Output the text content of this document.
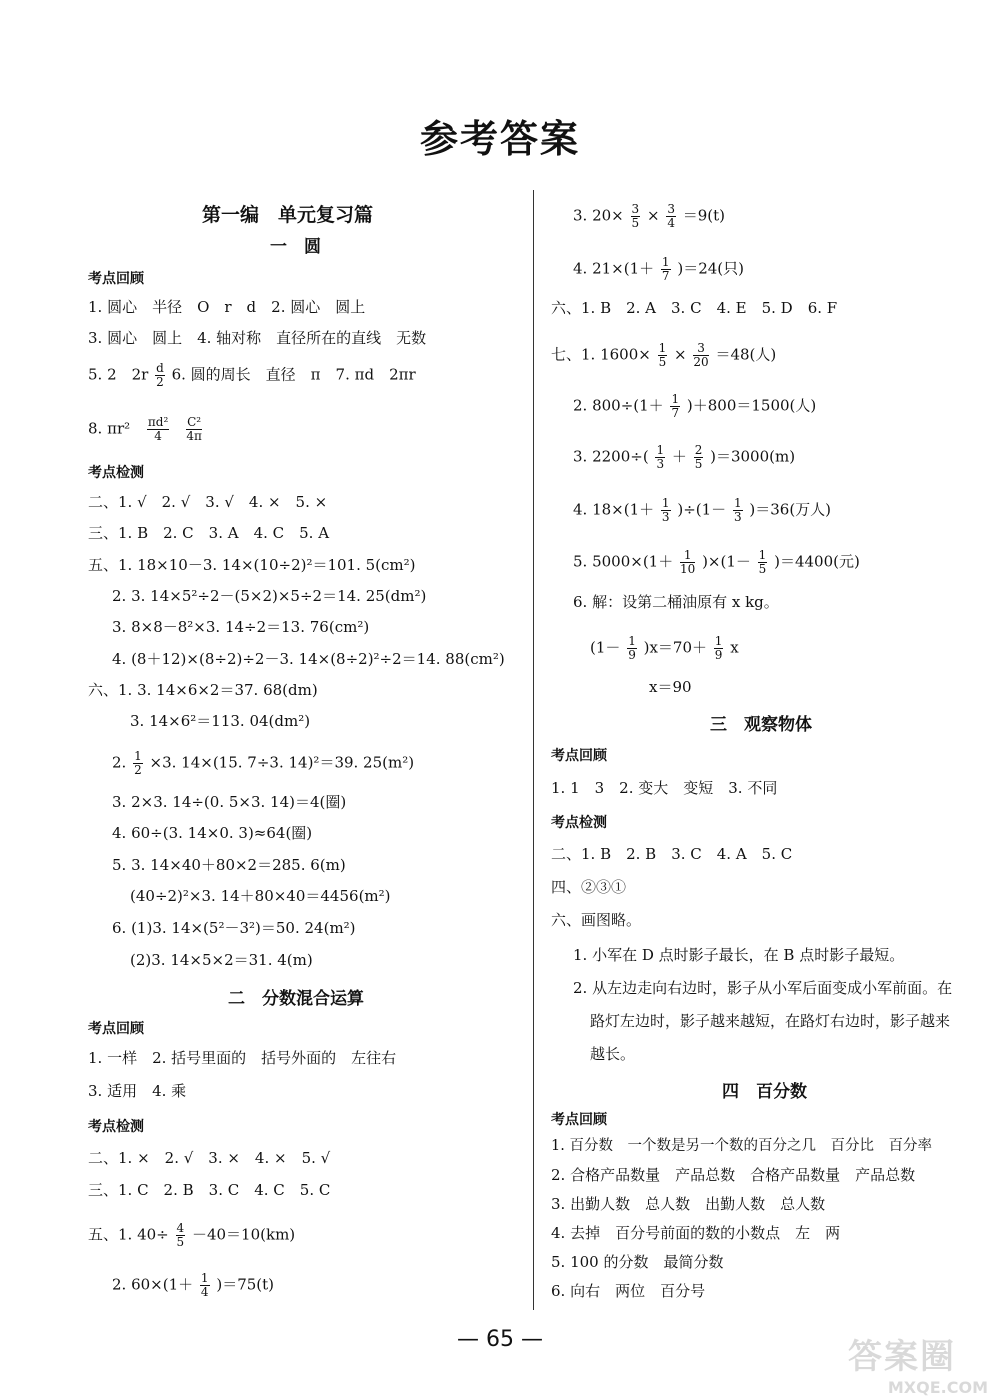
参考答案
第一编　单元复习篇
一　圆
考点回顾
1. 圆心　半径　O　r　d　2. 圆心　圆上
3. 圆心　圆上　4. 轴对称　直径所在的直线　无数
5. 2　$2r \frac{d}{2} 6$. 圆的周长　直径　π　7. πd　2πr
8. $\pi r^2 \frac{\text{πd²}}{4}$
$\frac{\text{C²}}{4\pi}$
考点检测
二、1. √　2. √　3. √　4. ×　5. ×
三、1. B　2. C　3. A　4. C　5. A
五、1. 18×10－3. 14×(10÷2)²＝101. 5(cm²)
2. 3. 14×5²÷2－(5×2)×5÷2＝14. 25(dm²)
3. 8×8－8²×3. 14÷2＝13. 76(cm²)
4. (8＋12)×(8÷2)÷2－3. 14×(8÷2)²÷2＝14. 88(cm²)
六、1. 3. 14×6×2＝37. 68(dm)
3. 14×6²＝113. 04(dm²)
2. $\frac{1}{2} \times 3$. 14×(15. 7÷3. 14)²＝39. 25(m²)
3. 2×3. 14÷(0. 5×3. 14)＝4(圈)
4. 60÷(3. 14×0. 3)≈64(圈)
5. 3. 14×40＋80×2＝285. 6(m)
(40÷2)²×3. 14＋80×40＝4456(m²)
6. (1)3. 14×(5²－3²)＝50. 24(m²)
(2)3. 14×5×2＝31. 4(m)
二　分数混合运算
考点回顾
1. 一样　2. 括号里面的　括号外面的　左往右
3. 适用　4. 乘
考点检测
二、1. ×　2. √　3. ×　4. ×　5. √
三、1. C　2. B　3. C　4. C　5. C
五、1. $40\div \frac{4}{5} -40=10(km)$
2. $60\times(1+ \frac{1}{4} )=75(t)$
3. $20\times \frac{3}{5} \times \frac{3}{4} =9(t)$
4. $21\times(1+ \frac{1}{7} )=24$(只)
六、1. B　2. A　3. C　4. E　5. D　6. F
七、1. $1600\times \frac{1}{5} \times \frac{3}{20} =48$(人)
2. $800\div(1+ \frac{1}{7} )+800=1500$(人)
3. $2200\div( \frac{1}{3} + \frac{2}{5} )=3000(m)$
4. $18\times(1+ \frac{1}{3} )\div(1- \frac{1}{3} )=36$(万人)
5. $5000\times(1+ \frac{1}{10} )\times(1- \frac{1}{5} )=4400$(元)
6. 解：设第二桶油原有 x kg。
$(1- \frac{1}{9} )x=70+ \frac{1}{9}$ x
x＝90
三　观察物体
考点回顾
1. 1　3　2. 变大　变短　3. 不同
考点检测
二、1. B　2. B　3. C　4. A　5. C
四、②③①
六、画图略。
1. 小军在 D 点时影子最长，在 B 点时影子最短。
2. 从左边走向右边时，影子从小军后面变成小军前面。在
路灯左边时，影子越来越短，在路灯右边时，影子越来
越长。
四　百分数
考点回顾
1. 百分数　一个数是另一个数的百分之几　百分比　百分率
2. 合格产品数量　产品总数　合格产品数量　产品总数
3. 出勤人数　总人数　出勤人数　总人数
4. 去掉　百分号前面的数的小数点　左　两
5. 100 的分数　最简分数
6. 向右　两位　百分号
— 65 —	答案圈
MXQE.COM
